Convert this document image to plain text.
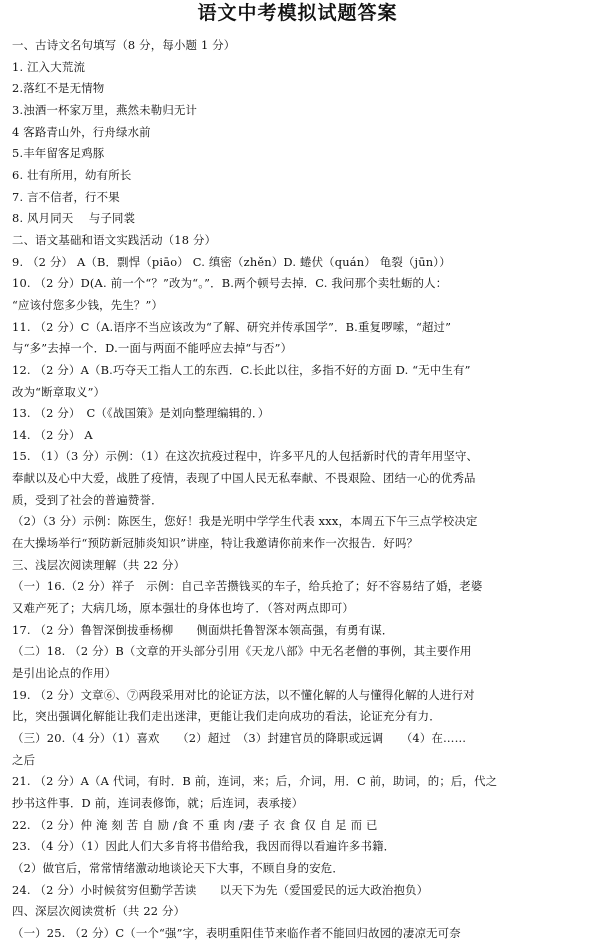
语文中考模拟试题答案
一、古诗文名句填写（8 分，每小题 1 分）
1. 江入大荒流
2.落红不是无情物
3.浊酒一杯家万里，燕然未勒归无计
4 客路青山外，行舟绿水前
5.丰年留客足鸡豚
6. 壮有所用，幼有所长
7. 言不信者，行不果
8. 风月同天　 与子同裳
二、语文基础和语文实践活动（18 分）
9. （2 分） A（B．剽悍（piāo） C. 缜密（zhěn）D. 蜷伏（quán） 龟裂（jūn））
10. （2 分）D(A. 前一个“？”改为“。”．B.两个顿号去掉．C. 我问那个卖牡蛎的人：
“应该付您多少钱，先生？”）
11. （2 分）C（A.语序不当应该改为“了解、研究并传承国学”．B.重复啰嗦，“超过”
与“多”去掉一个．D.一面与两面不能呼应去掉“与否”）
12. （2 分）A（B.巧夺天工指人工的东西．C.长此以往，多指不好的方面 D. “无中生有”
改为“断章取义”）
13. （2 分）　C（《战国策》是刘向整理编辑的．）
14. （2 分） A
15. （1）（3 分）示例：（1）在这次抗疫过程中，许多平凡的人包括新时代的青年用坚守、
奉献以及心中大爱，战胜了疫情，表现了中国人民无私奉献、不畏艰险、团结一心的优秀品
质，受到了社会的普遍赞誉．
（2）（3 分）示例：陈医生，您好！我是光明中学学生代表 xxx，本周五下午三点学校决定
在大操场举行“预防新冠肺炎知识”讲座，特让我邀请你前来作一次报告．好吗？
三、浅层次阅读理解（共 22 分）
（一）16.（2 分）祥子　示例：自己辛苦攒钱买的车子，给兵抢了；好不容易结了婚，老婆
又难产死了；大病几场，原本强壮的身体也垮了．（答对两点即可）
17. （2 分）鲁智深倒拔垂杨柳　　侧面烘托鲁智深本领高强，有勇有谋．
（二）18. （2 分）B（文章的开头部分引用《天龙八部》中无名老僧的事例，其主要作用
是引出论点的作用）
19. （2 分）文章⑥、⑦两段采用对比的论证方法，以不懂化解的人与懂得化解的人进行对
比，突出强调化解能让我们走出迷津，更能让我们走向成功的看法，论证充分有力．
（三）20.（4 分）（1）喜欢　　（2）超过　（3）封建官员的降职或远调　　（4）在……
之后
21. （2 分）A（A 代词，有时．B 前，连词，来；后，介词，用．C 前，助词，的；后，代之
抄书这件事．D 前，连词表修饰，就；后连词，表承接）
22. （2 分）仲 淹 刻 苦 自 励 /食 不 重 肉 /妻 子 衣 食 仅 自 足 而 已
23. （4 分）（1）因此人们大多肯将书借给我，我因而得以看遍许多书籍．
（2）做官后，常常情绪激动地谈论天下大事，不顾自身的安危．
24. （2 分）小时候贫穷但勤学苦读　　以天下为先（爱国爱民的远大政治抱负）
四、深层次阅读赏析（共 22 分）
（一）25. （2 分）C（一个“强”字，表明重阳佳节来临作者不能回归故园的凄凉无可奈
